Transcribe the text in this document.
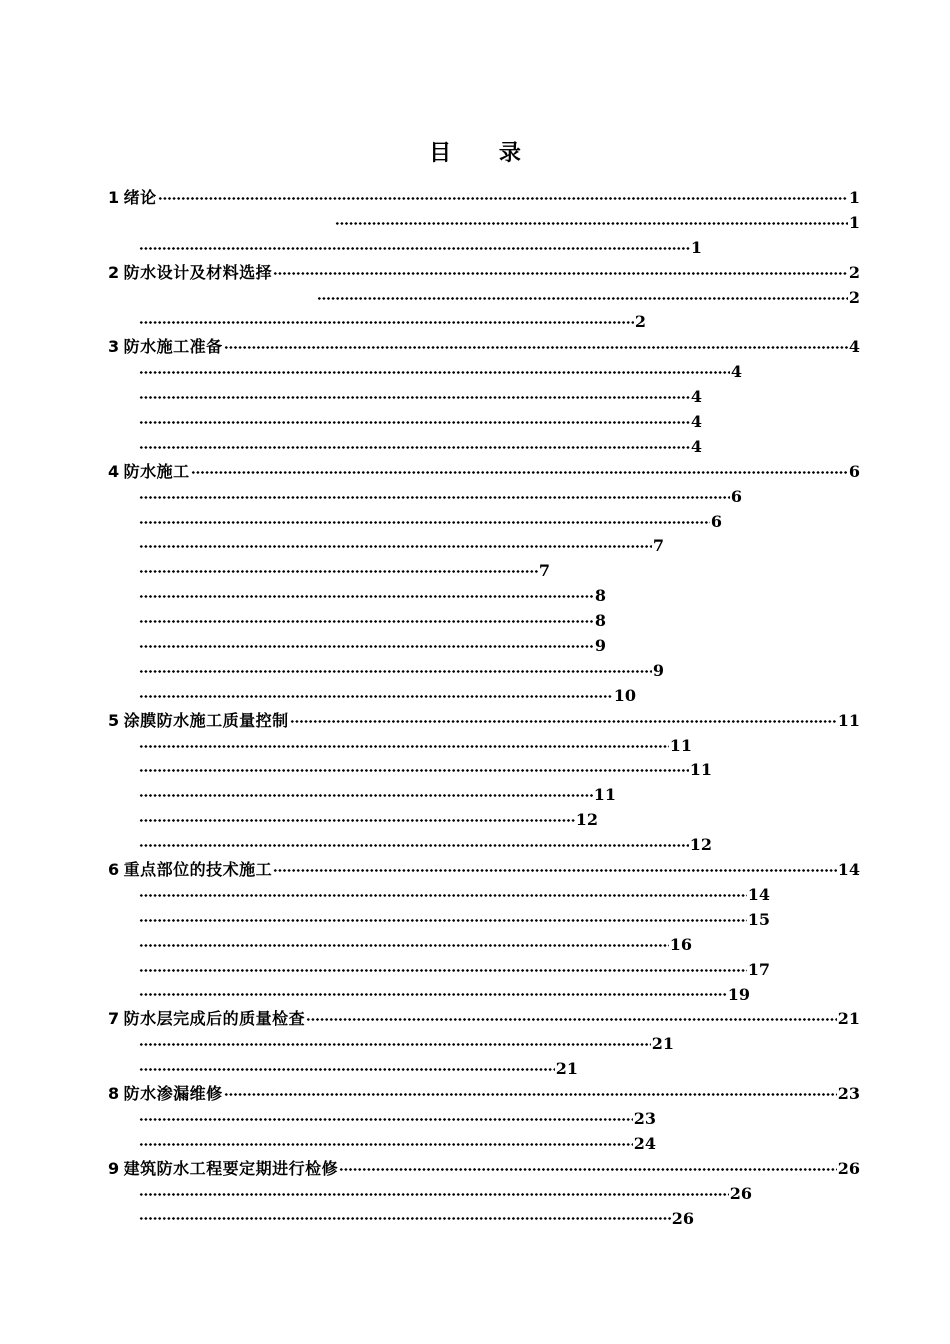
目 录
1 绪论	1
1
1
2 防水设计及材料选择	2
2
2
3 防水施工准备	4
4
4
4
4
4 防水施工	6
6
6
7
7
8
8
9
9
10
5 涂膜防水施工质量控制	11
11
11
11
12
12
6 重点部位的技术施工	14
14
15
16
17
19
7 防水层完成后的质量检查	21
21
21
8 防水渗漏维修	23
23
24
9 建筑防水工程要定期进行检修	26
26
26
